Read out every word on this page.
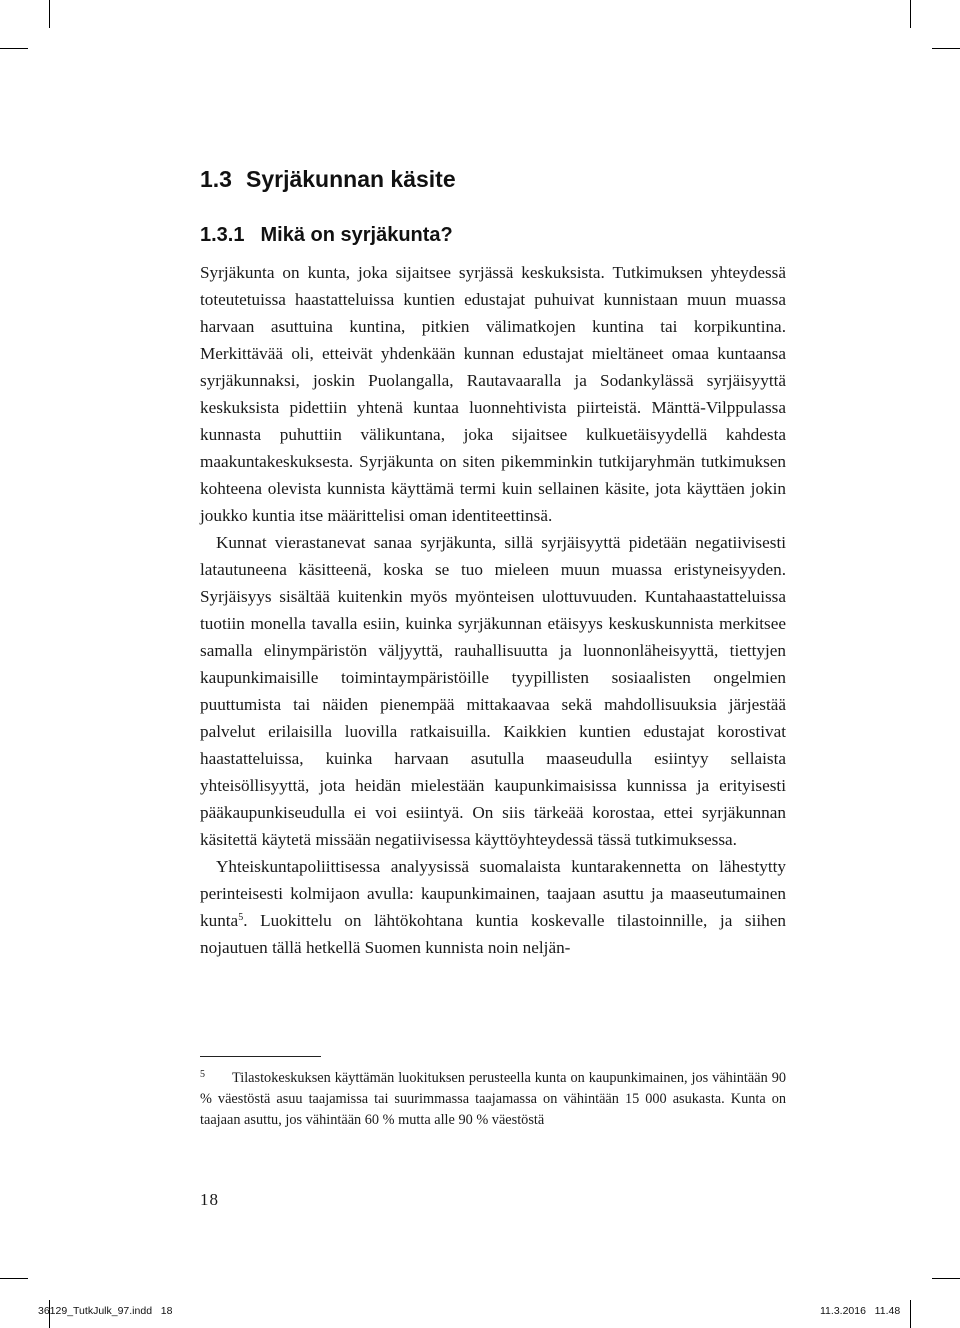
1.3 Syrjäkunnan käsite
1.3.1 Mikä on syrjäkunta?

Syrjäkunta on kunta, joka sijaitsee syrjässä keskuksista. Tutkimuksen yhteydessä toteutetuissa haastatteluissa kuntien edustajat puhuivat kunnistaan muun muassa harvaan asuttuina kuntina, pitkien välimatkojen kuntina tai korpikuntina. Merkittävää oli, etteivät yhdenkään kunnan edustajat mieltäneet omaa kuntaansa syrjäkunnaksi, joskin Puolangalla, Rautavaaralla ja Sodankylässä syrjäisyyttä keskuksista pidettiin yhtenä kuntaa luonnehtivista piirteistä. Mänttä-Vilppulassa kunnasta puhuttiin välikuntana, joka sijaitsee kulkuetäisyydellä kahdesta maakuntakeskuksesta. Syrjäkunta on siten pikemminkin tutkijaryhmän tutkimuksen kohteena olevista kunnista käyttämä termi kuin sellainen käsite, jota käyttäen jokin joukko kuntia itse määrittelisi oman identiteettinsä.

Kunnat vierastanevat sanaa syrjäkunta, sillä syrjäisyyttä pidetään negatiivisesti latautuneena käsitteenä, koska se tuo mieleen muun muassa eristyneisyyden. Syrjäisyys sisältää kuitenkin myös myönteisen ulottuvuuden. Kuntahaastatteluissa tuotiin monella tavalla esiin, kuinka syrjäkunnan etäisyys keskuskunnista merkitsee samalla elinympäristön väljyyttä, rauhallisuutta ja luonnonläheisyyttä, tiettyjen kaupunkimaisille toimintaympäristöille tyypillisten sosiaalisten ongelmien puuttumista tai näiden pienempää mittakaavaa sekä mahdollisuuksia järjestää palvelut erilaisilla luovilla ratkaisuilla. Kaikkien kuntien edustajat korostivat haastatteluissa, kuinka harvaan asutulla maaseudulla esiintyy sellaista yhteisöllisyyttä, jota heidän mielestään kaupunkimaisissa kunnissa ja erityisesti pääkaupunkiseudulla ei voi esiintyä. On siis tärkeää korostaa, ettei syrjäkunnan käsitettä käytetä missään negatiivisessa käyttöyhteydessä tässä tutkimuksessa.

Yhteiskuntapoliittisessa analyysissä suomalaista kuntarakennetta on lähestytty perinteisesti kolmijaon avulla: kaupunkimainen, taajaan asuttu ja maaseutumainen kunta$^5$. Luokittelu on lähtökohtana kuntia koskevalle tilastoinnille, ja siihen nojautuen tällä hetkellä Suomen kunnista noin neljän-

5 Tilastokeskuksen käyttämän luokituksen perusteella kunta on kaupunkimainen, jos vähintään 90 % väestöstä asuu taajamissa tai suurimmassa taajamassa on vähintään 15 000 asukasta. Kunta on taajaan asuttu, jos vähintään 60 % mutta alle 90 % väestöstä

18
36129_TutkJulk_97.indd   18	11.3.2016   11.48
